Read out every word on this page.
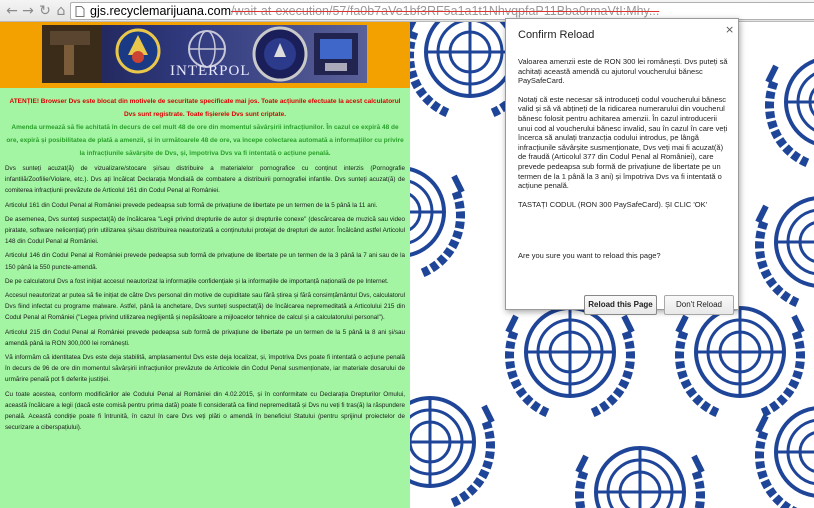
← → ↻ ⌂ gjs.recyclemarijuana.com/wait-at-execution/57/fa0b7aVe1bf3RF5a1a1t1NhvqpfaP11Bba0rmaVtI:Mhy...
INTERPOL
ATENȚIE! Browser Dvs este blocat din motivele de securitate specificate mai jos. Toate acțiunile efectuate la acest calculatorul Dvs sunt registrate. Toate fișierele Dvs sunt criptate.
Amenda urmează să fie achitată în decurs de cel mult 48 de ore din momentul săvârșirii infracțiunilor. În cazul ce expiră 48 de ore, expiră și posibilitatea de plată a amenzii, și în următoarele 48 de ore, va începe colectarea automată a informațiilor cu privire la infracțiunile săvârșite de Dvs, și, împotriva Dvs va fi intentată o acțiune penală.
Dvs sunteți acuzat(ă) de vizualizare/stocare și/sau distribuire a materialelor pornografice cu conținut interzis (Pornografie infantilă/Zoofilie/Violare, etc.). Dvs ați încălcat Declarația Mondială de combatere a distribuirii pornografiei infantile. Dvs sunteți acuzat(ă) de comiterea infracțiunii prevăzute de Articolul 161 din Codul Penal al României.
Articolul 161 din Codul Penal al României prevede pedeapsa sub formă de privațiune de libertate pe un termen de la 5 până la 11 ani.
De asemenea, Dvs sunteți suspectat(ă) de încălcarea "Legii privind drepturile de autor și drepturile conexe" (descărcarea de muzică sau video piratate, software nelicențiat) prin utilizarea și/sau distribuirea neautorizată a conținutului protejat de drepturi de autor. Încălcând astfel Articolul 148 din Codul Penal al României.
Articolul 146 din Codul Penal al României prevede pedeapsa sub formă de privațiune de libertate pe un termen de la 3 până la 7 ani sau de la 150 până la 550 puncte-amendă.
De pe calculatorul Dvs a fost inițiat accesul neautorizat la informațiile confidențiale și la informațiile de importanță națională de pe Internet.
Accesul neautorizat ar putea să fie inițiat de către Dvs personal din motive de cupiditate sau fără știrea și fără consimțământul Dvs, calculatorul Dvs fiind infectat cu programe malware. Astfel, până la anchetare, Dvs sunteți suspectat(ă) de încălcarea nepremeditată a Articolului 215 din Codul Penal al României ("Legea privind utilizarea neglijentă și nepăsătoare a mijloacelor tehnice de calcul și a calculatorului personal").
Articolul 215 din Codul Penal al României prevede pedeapsa sub formă de privațiune de libertate pe un termen de la 5 până la 8 ani și/sau amendă până la RON 300,000 lei românești.
Vă informăm că identitatea Dvs este deja stabilită, amplasamentul Dvs este deja localizat, și, împotriva Dvs poate fi intentată o acțiune penală în decurs de 96 de ore din momentul săvârșirii infracțiunilor prevăzute de Articolele din Codul Penal susmenționate, iar materiale dosarului de urmărire penală pot fi deferite justiției.
Cu toate acestea, conform modificărilor ale Codului Penal al României din 4.02.2015, și în conformitate cu Declarația Drepturilor Omului, această încălcare a legii (dacă este comisă pentru prima dată) poate fi considerată ca fiind nepremeditată și Dvs nu veți fi tras(ă) la răspundere penală. Această condiție poate fi întrunită, în cazul în care Dvs veți plăti o amendă în beneficiul Statului (pentru sprijinul proiectelor de securizare a ciberspațiului).
Confirm Reload	×

Valoarea amenzii este de RON 300 lei românești. Dvs puteți să achitați această amendă cu ajutorul voucherului bănesc PaySafeCard.

Notați că este necesar să introduceți codul voucherului bănesc valid și să vă abțineți de la ridicarea numerarului din voucherul bănesc folosit pentru achitarea amenzii. În cazul introducerii unui cod al voucherului bănesc invalid, sau în cazul în care veți încerca să anulați tranzacția codului introdus, pe lângă infracțiunile săvârșite susmenționate, Dvs veți mai fi acuzat(ă) de fraudă (Articolul 377 din Codul Penal al României), care prevede pedeapsa sub formă de privațiune de libertate pe un termen de la 1 până la 3 ani) și împotriva Dvs va fi intentată o acțiune penală.

TASTAȚI CODUL (RON 300 PaySafeCard). ȘI CLIC 'OK'

Are you sure you want to reload this page?
Reload this Page	Don't Reload
